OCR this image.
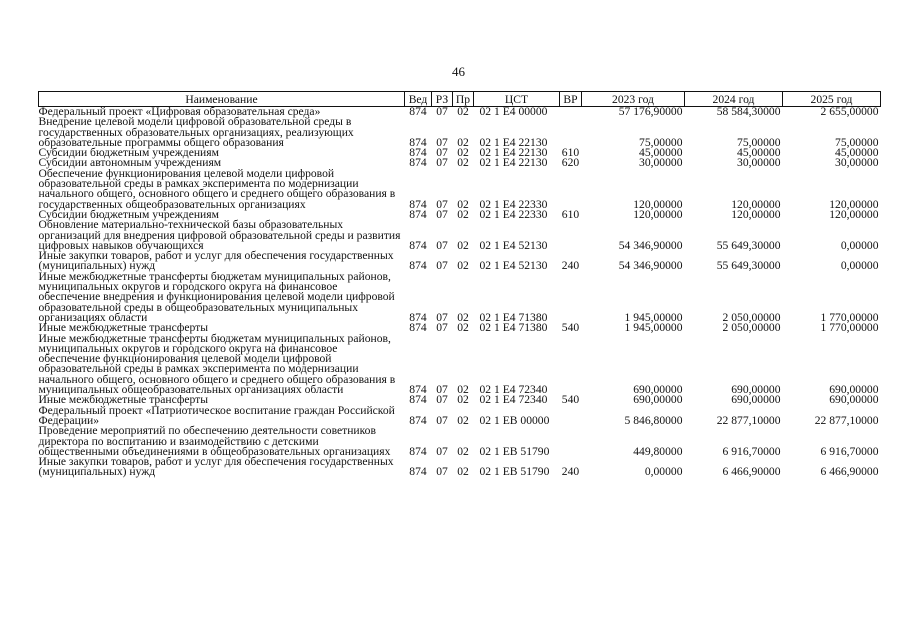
46
Наименование	Вед	РЗ	Пр	ЦСТ	ВР	2023 год	2024 год	2025 год
Федеральный проект «Цифровая образовательная среда»	874	07	02	02 1 Е4 00000		57 176,90000	58 584,30000	2 655,00000
Внедрение целевой модели цифровой образовательной среды в государственных образовательных организациях, реализующих образовательные программы общего образования	874	07	02	02 1 Е4 22130		75,00000	75,00000	75,00000
Субсидии бюджетным учреждениям	874	07	02	02 1 Е4 22130	610	45,00000	45,00000	45,00000
Субсидии автономным учреждениям	874	07	02	02 1 Е4 22130	620	30,00000	30,00000	30,00000
Обеспечение функционирования целевой модели цифровой образовательной среды в рамках эксперимента по модернизации начального общего, основного общего и среднего общего образования в государственных общеобразовательных организациях	874	07	02	02 1 Е4 22330		120,00000	120,00000	120,00000
Субсидии бюджетным учреждениям	874	07	02	02 1 Е4 22330	610	120,00000	120,00000	120,00000
Обновление материально-технической базы образовательных организаций для внедрения цифровой образовательной среды и развития цифровых навыков обучающихся	874	07	02	02 1 Е4 52130		54 346,90000	55 649,30000	0,00000
Иные закупки товаров, работ и услуг для обеспечения государственных (муниципальных) нужд	874	07	02	02 1 Е4 52130	240	54 346,90000	55 649,30000	0,00000
Иные межбюджетные трансферты бюджетам муниципальных районов, муниципальных округов и городского округа на финансовое обеспечение внедрения и функционирования целевой модели цифровой образовательной среды в общеобразовательных муниципальных организациях области	874	07	02	02 1 Е4 71380		1 945,00000	2 050,00000	1 770,00000
Иные межбюджетные трансферты	874	07	02	02 1 Е4 71380	540	1 945,00000	2 050,00000	1 770,00000
Иные межбюджетные трансферты бюджетам муниципальных районов, муниципальных округов и городского округа на финансовое обеспечение функционирования целевой модели цифровой образовательной среды в рамках эксперимента по модернизации начального общего, основного общего и среднего общего образования в муниципальных общеобразовательных организациях области	874	07	02	02 1 Е4 72340		690,00000	690,00000	690,00000
Иные межбюджетные трансферты	874	07	02	02 1 Е4 72340	540	690,00000	690,00000	690,00000
Федеральный проект «Патриотическое воспитание граждан Российской Федерации»	874	07	02	02 1 ЕВ 00000		5 846,80000	22 877,10000	22 877,10000
Проведение мероприятий по обеспечению деятельности советников директора по воспитанию и взаимодействию с детскими общественными объединениями в общеобразовательных организациях	874	07	02	02 1 ЕВ 51790		449,80000	6 916,70000	6 916,70000
Иные закупки товаров, работ и услуг для обеспечения государственных (муниципальных) нужд	874	07	02	02 1 ЕВ 51790	240	0,00000	6 466,90000	6 466,90000
